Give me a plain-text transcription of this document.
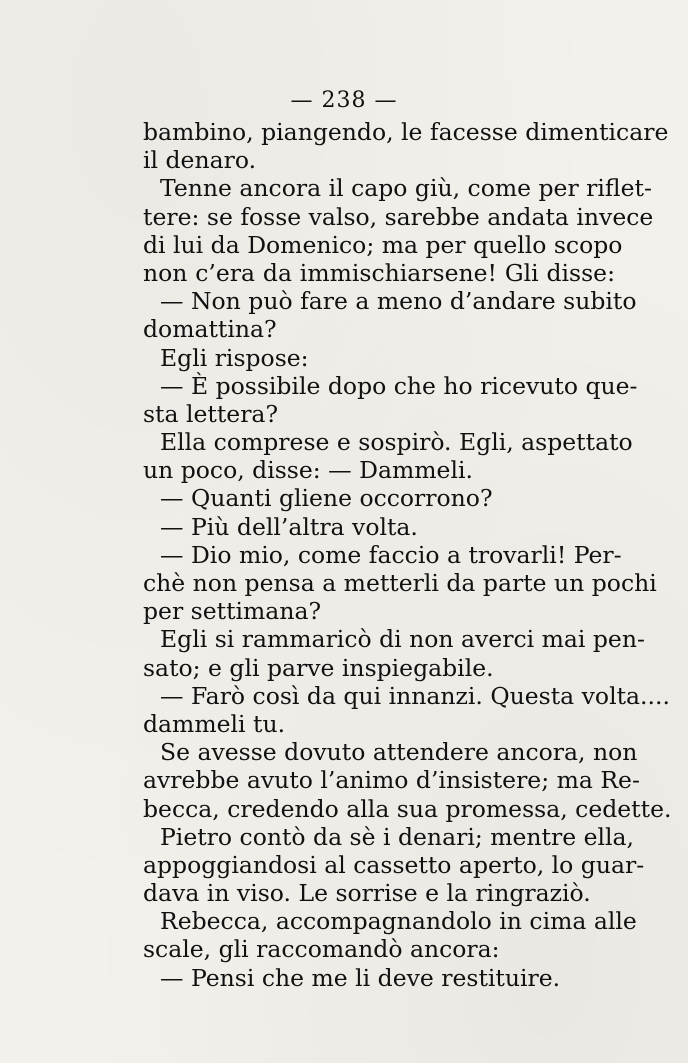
— 238 —
bambino, piangendo, le facesse dimenticare
il denaro.
Tenne ancora il capo giù, come per riflet-
tere: se fosse valso, sarebbe andata invece
di lui da Domenico; ma per quello scopo
non c’era da immischiarsene! Gli disse:
— Non può fare a meno d’andare subito
domattina?
Egli rispose:
— È possibile dopo che ho ricevuto que-
sta lettera?
Ella comprese e sospirò. Egli, aspettato
un poco, disse: — Dammeli.
— Quanti gliene occorrono?
— Più dell’altra volta.
— Dio mio, come faccio a trovarli! Per-
chè non pensa a metterli da parte un pochi
per settimana?
Egli si rammaricò di non averci mai pen-
sato; e gli parve inspiegabile.
— Farò così da qui innanzi. Questa volta....
dammeli tu.
Se avesse dovuto attendere ancora, non
avrebbe avuto l’animo d’insistere; ma Re-
becca, credendo alla sua promessa, cedette.
Pietro contò da sè i denari; mentre ella,
appoggiandosi al cassetto aperto, lo guar-
dava in viso. Le sorrise e la ringraziò.
Rebecca, accompagnandolo in cima alle
scale, gli raccomandò ancora:
— Pensi che me li deve restituire.
